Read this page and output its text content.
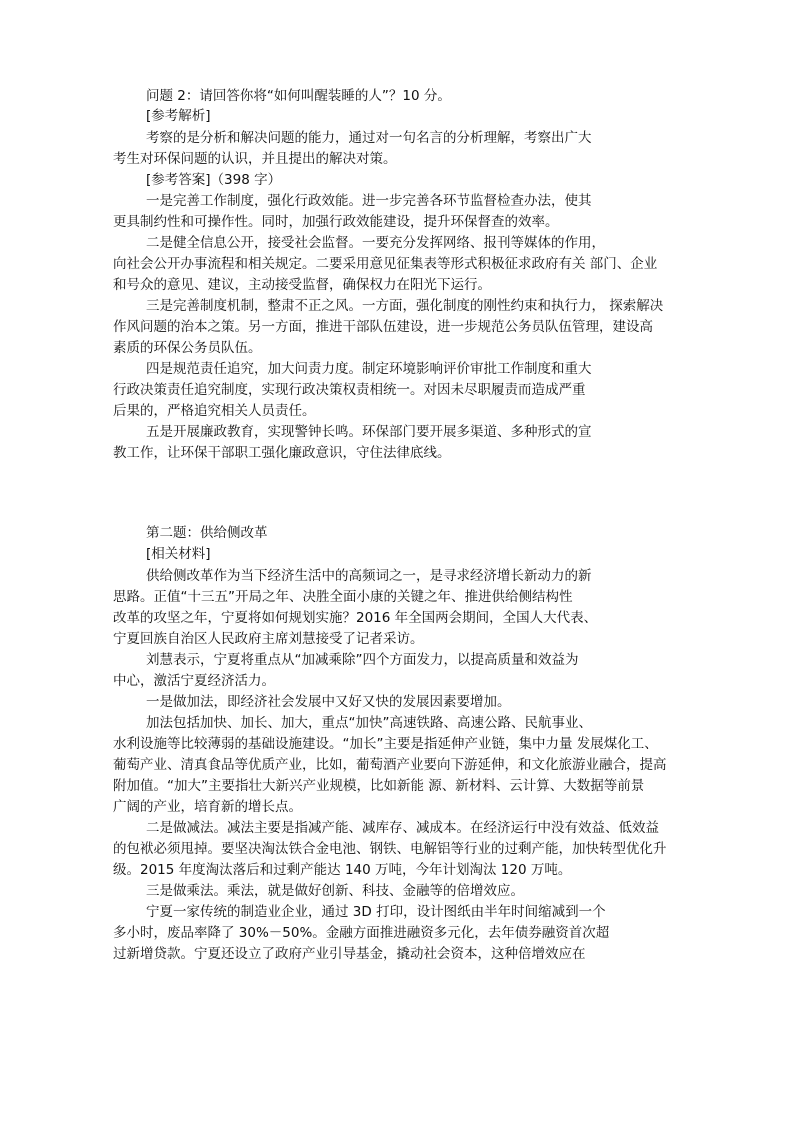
问题 2：请回答你将“如何叫醒装睡的人”？10 分。
[参考解析]
考察的是分析和解决问题的能力，通过对一句名言的分析理解，考察出广大
考生对环保问题的认识，并且提出的解决对策。
[参考答案]（398 字）
一是完善工作制度，强化行政效能。进一步完善各环节监督检查办法，使其
更具制约性和可操作性。同时，加强行政效能建设，提升环保督查的效率。
二是健全信息公开，接受社会监督。一要充分发挥网络、报刊等媒体的作用，
向社会公开办事流程和相关规定。二要采用意见征集表等形式积极征求政府有关 部门、企业
和号众的意见、建议，主动接受监督，确保权力在阳光下运行。
三是完善制度机制，整肃不正之风。一方面，强化制度的刚性约束和执行力， 探索解决
作风问题的治本之策。另一方面，推进干部队伍建设，进一步规范公务员队伍管理，建设高
素质的环保公务员队伍。
四是规范责任追究，加大问责力度。制定环境影响评价审批工作制度和重大
行政决策责任追究制度，实现行政决策权责相统一。对因未尽职履责而造成严重
后果的，严格追究相关人员责任。
五是开展廉政教育，实现警钟长鸣。环保部门要开展多渠道、多种形式的宣
教工作，让环保干部职工强化廉政意识，守住法律底线。
第二题：供给侧改革
[相关材料]
供给侧改革作为当下经济生活中的高频词之一，是寻求经济增长新动力的新
思路。正值“十三五”开局之年、决胜全面小康的关键之年、推进供给侧结构性
改革的攻坚之年，宁夏将如何规划实施？2016 年全国两会期间，全国人大代表、
宁夏回族自治区人民政府主席刘慧接受了记者采访。
刘慧表示，宁夏将重点从“加减乘除”四个方面发力，以提高质量和效益为
中心，激活宁夏经济活力。
一是做加法，即经济社会发展中又好又快的发展因素要增加。
加法包括加快、加长、加大，重点“加快”高速铁路、高速公路、民航事业、
水利设施等比较薄弱的基础设施建设。“加长”主要是指延伸产业链，集中力量 发展煤化工、
葡萄产业、清真食品等优质产业，比如，葡萄酒产业要向下游延伸，和文化旅游业融合，提高
附加值。“加大”主要指壮大新兴产业规模，比如新能 源、新材料、云计算、大数据等前景
广阔的产业，培育新的增长点。
二是做减法。减法主要是指减产能、减库存、减成本。在经济运行中没有效益、低效益
的包袱必须甩掉。要坚决淘汰铁合金电池、钢铁、电解铝等行业的过剩产能，加快转型优化升
级。2015 年度淘汰落后和过剩产能达 140 万吨，今年计划淘汰 120 万吨。
三是做乘法。乘法，就是做好创新、科技、金融等的倍增效应。
宁夏一家传统的制造业企业，通过 3D 打印，设计图纸由半年时间缩减到一个
多小时，废品率降了 30%－50%。金融方面推进融资多元化，去年债券融资首次超
过新增贷款。宁夏还设立了政府产业引导基金，撬动社会资本，这种倍增效应在
